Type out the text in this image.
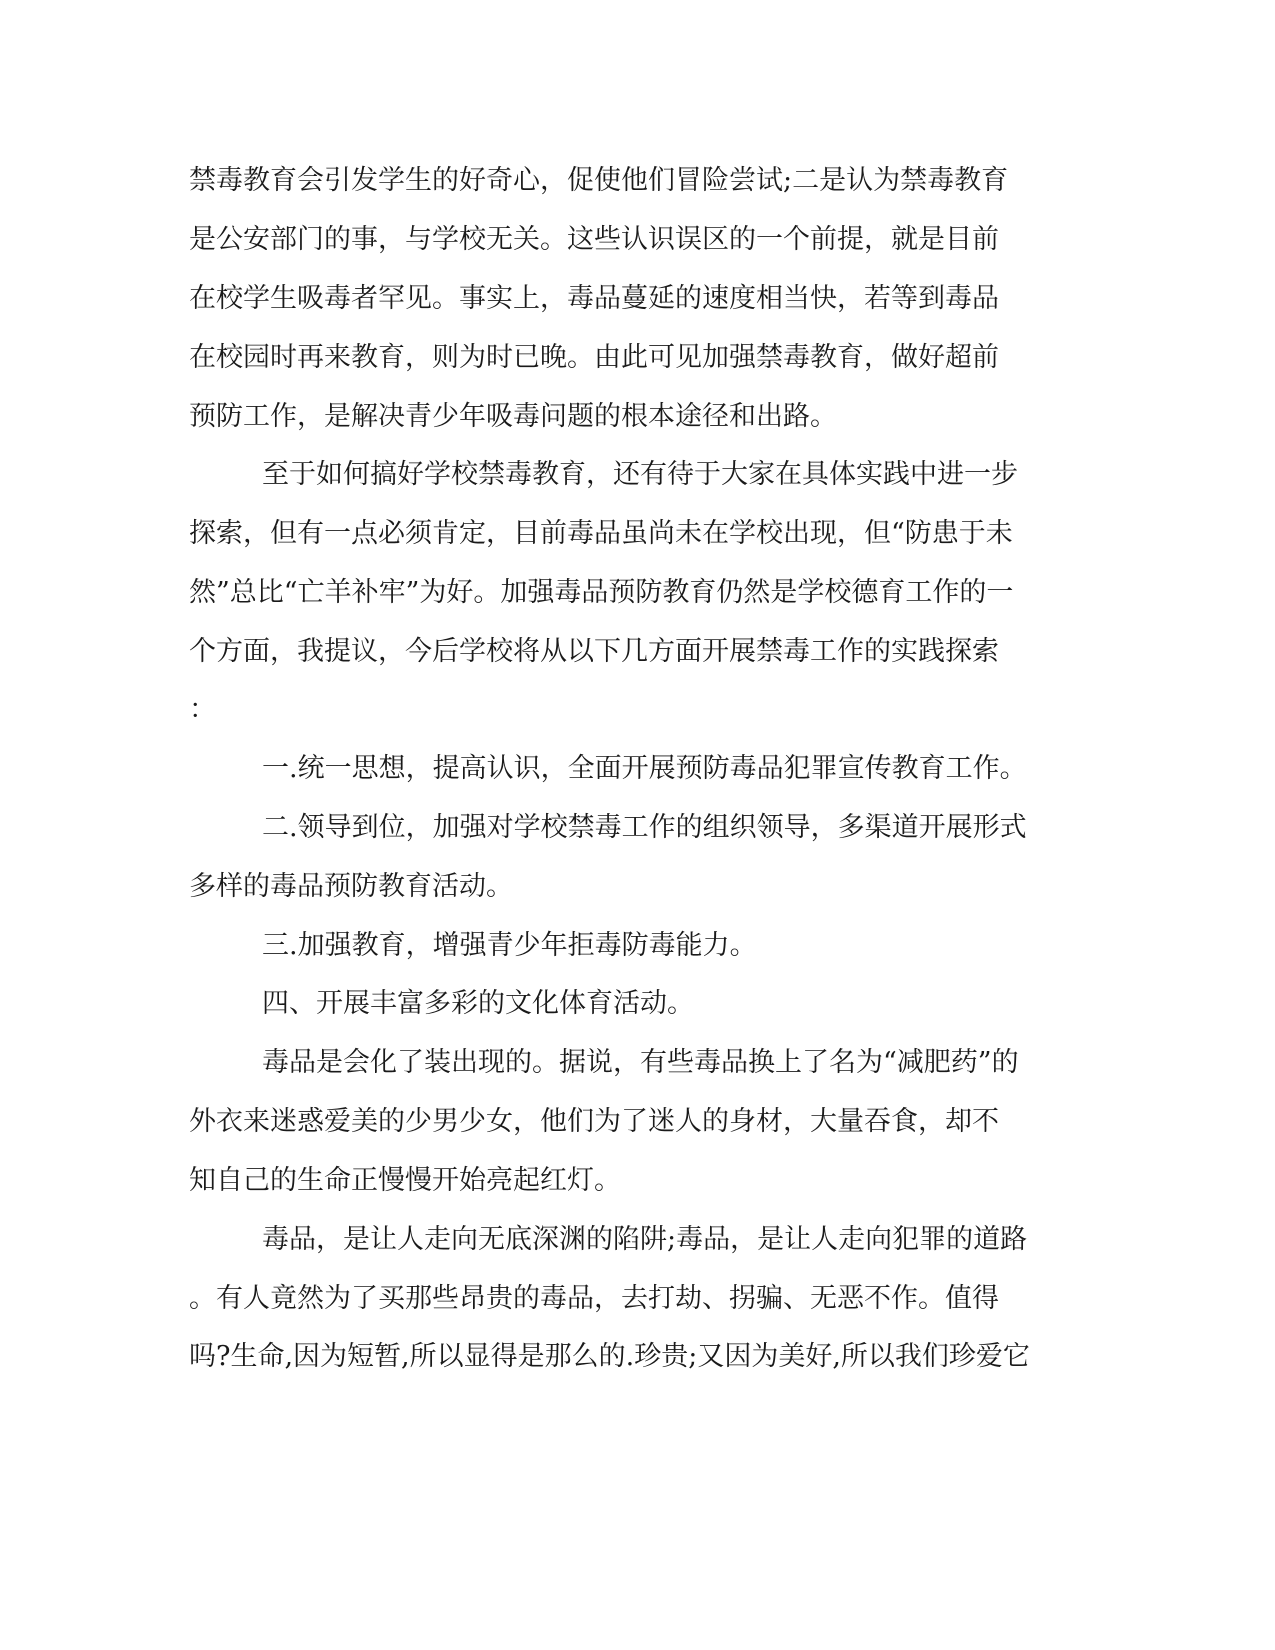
禁毒教育会引发学生的好奇心，促使他们冒险尝试;二是认为禁毒教育

是公安部门的事，与学校无关。这些认识误区的一个前提，就是目前

在校学生吸毒者罕见。事实上，毒品蔓延的速度相当快，若等到毒品

在校园时再来教育，则为时已晚。由此可见加强禁毒教育，做好超前

预防工作，是解决青少年吸毒问题的根本途径和出路。

至于如何搞好学校禁毒教育，还有待于大家在具体实践中进一步

探索，但有一点必须肯定，目前毒品虽尚未在学校出现，但“防患于未

然”总比“亡羊补牢”为好。加强毒品预防教育仍然是学校德育工作的一

个方面，我提议，今后学校将从以下几方面开展禁毒工作的实践探索

：

一.统一思想，提高认识，全面开展预防毒品犯罪宣传教育工作。

二.领导到位，加强对学校禁毒工作的组织领导，多渠道开展形式

多样的毒品预防教育活动。

三.加强教育，增强青少年拒毒防毒能力。

四、开展丰富多彩的文化体育活动。

毒品是会化了装出现的。据说，有些毒品换上了名为“减肥药”的

外衣来迷惑爱美的少男少女，他们为了迷人的身材，大量吞食，却不

知自己的生命正慢慢开始亮起红灯。

毒品，是让人走向无底深渊的陷阱;毒品，是让人走向犯罪的道路

。有人竟然为了买那些昂贵的毒品，去打劫、拐骗、无恶不作。值得

吗?生命,因为短暂,所以显得是那么的.珍贵;又因为美好,所以我们珍爱它
